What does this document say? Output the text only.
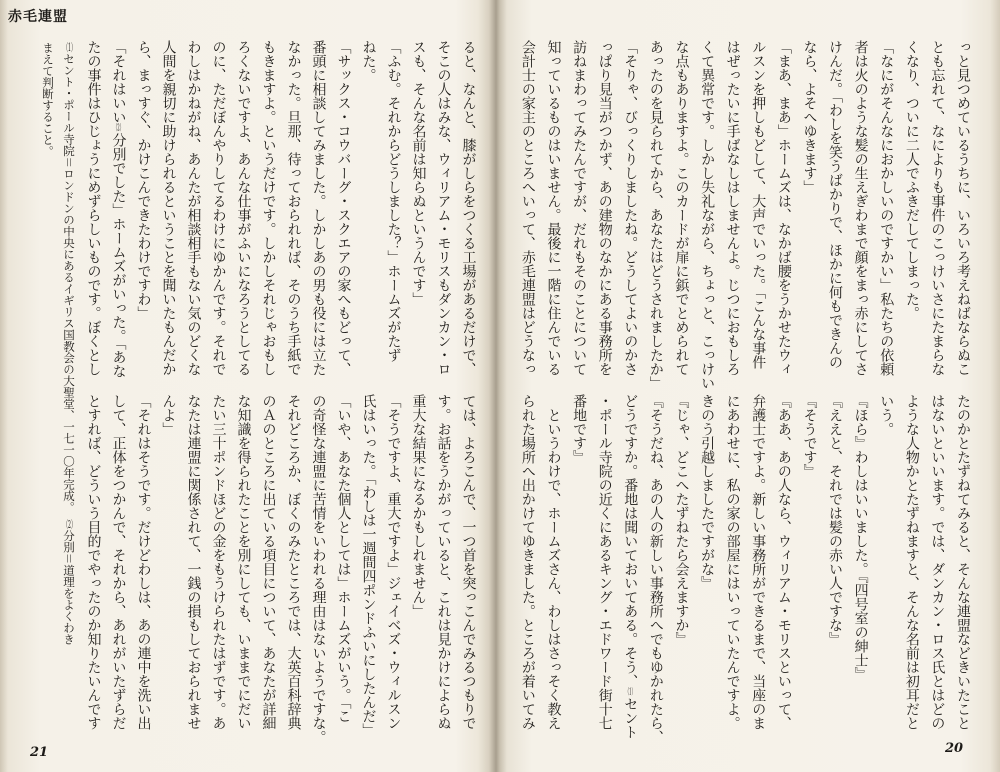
赤毛連盟
ると、なんと、膝がしらをつくる工場があるだけで、
そこの人はみな、ウィリアム・モリスもダンカン・ロ
スも、そんな名前は知らぬというんです」
「ふむ。それからどうしました？」ホームズがたず
ねた。
「サックス・コウバーグ・スクエアの家へもどって、
番頭に相談してみました。しかしあの男も役には立た
なかった。旦那、待っておられれば、そのうち手紙で
もきますよ。というだけです。しかしそれじゃおもし
ろくないですよ、あんな仕事がふいになろうとしてる
のに、ただぼんやりしてるわけにゆかんです。それで
わしはかねがね、あんたが相談相手もない気のどくな
人間を親切に助けられるということを聞いたもんだか
ら、まっすぐ、かけこんできたわけですわ」
「それはいい（2）分別でした」ホームズがいった。「あな
たの事件はひじょうにめずらしいものです。ぼくとし
ては、よろこんで、一つ首を突っこんでみるつもりで
す。お話をうかがっていると、これは見かけによらぬ
重大な結果になるかもしれません」
「そうですよ、重大ですよ」ジェイベズ・ウィルスン
氏はいった。「わしは一週間四ポンドふいにしたんだ」
「いや、あなた個人としては」ホームズがいう。「こ
の奇怪な連盟に苦情をいわれる理由はないようですな。
それどころか、ぼくのみたところでは、大英百科辞典
のＡのところに出ている項目について、あなたが詳細
な知識を得られたことを別にしても、いままでにだい
たい三十ポンドほどの金をもうけられたはずです。あ
なたは連盟に関係されて、一銭の損もしておられませ
んよ」
「それはそうです。だけどわしは、あの連中を洗い出
して、正体をつかんで、それから、あれがいたずらだ
とすれば、どういう目的でやったのか知りたいんです
（1）セント・ポール寺院＝ロンドンの中央にあるイギリス国教会の大聖堂、一七一〇年完成。　（2）分別＝道理をよくわき
まえて判断すること。
21
っと見つめているうちに、いろいろ考えねばならぬこ
とも忘れて、なによりも事件のこっけいさにたまらな
くなり、ついに二人でふきだしてしまった。
「なにがそんなにおかしいのですかい」私たちの依頼
者は火のような髪の生えぎわまで顔をまっ赤にしてさ
けんだ。「わしを笑うばかりで、ほかに何もできんの
なら、よそへゆきます」
「まあ、まあ」ホームズは、なかば腰をうかせたウィ
ルスンを押しもどして、大声でいった。「こんな事件
はぜったいに手ばなしはしませんよ。じつにおもしろ
くて異常です。しかし失礼ながら、ちょっと、こっけい
な点もありますよ。このカードが扉に鋲でとめられて
あったのを見られてから、あなたはどうされましたか」
「そりゃ、びっくりしましたね。どうしてよいのかさ
っぱり見当がつかず、あの建物のなかにある事務所を
訪ねまわってみたんですが、だれもそのことについて
知っているものはいません。最後に一階に住んでいる
会計士の家主のところへいって、赤毛連盟はどうなっ
たのかとたずねてみると、そんな連盟などきいたこと
はないといいます。では、ダンカン・ロス氏とはどの
ような人物かとたずねますと、そんな名前は初耳だと
いう。
『ほら』わしはいいました。『四号室の紳士』
『ええと、それでは髪の赤い人ですな』
『そうです』
『ああ、あの人なら、ウィリアム・モリスといって、
弁護士ですよ。新しい事務所ができるまで、当座のま
にあわせに、私の家の部屋にはいっていたんですよ。
きのう引越しましたですがな』
『じゃ、どこへたずねたら会えますか』
『そうだね、あの人の新しい事務所へでもゆかれたら、
どうですか。番地は聞いておいてある。そう、（1）セント
・ポール寺院の近くにあるキング・エドワード街十七
番地です』
　というわけで、ホームズさん、わしはさっそく教え
られた場所へ出かけてゆきました。ところが着いてみ
20
